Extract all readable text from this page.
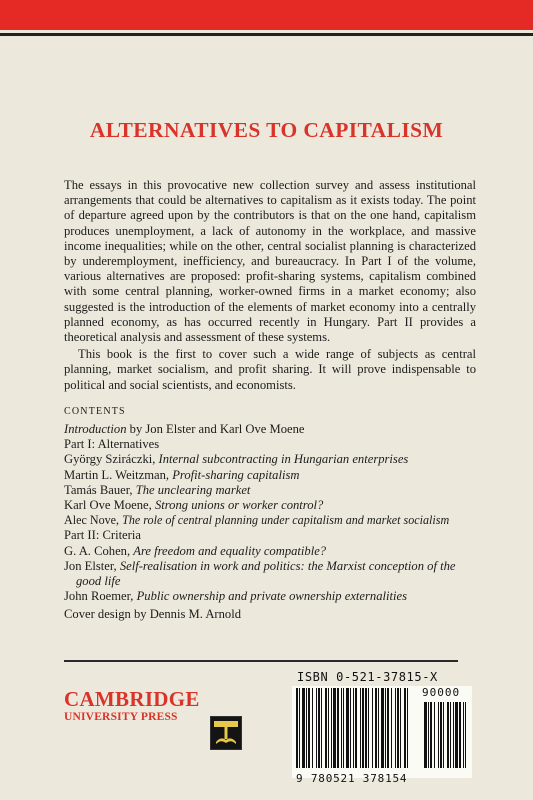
ALTERNATIVES TO CAPITALISM

The essays in this provocative new collection survey and assess institutional arrangements that could be alternatives to capitalism as it exists today. The point of departure agreed upon by the contributors is that on the one hand, capitalism produces unemployment, a lack of autonomy in the workplace, and massive income inequalities; while on the other, central socialist planning is characterized by underemployment, inefficiency, and bureaucracy. In Part I of the volume, various alternatives are proposed: profit-sharing systems, capitalism combined with some central planning, worker-owned firms in a market economy; also suggested is the introduction of the elements of market economy into a centrally planned economy, as has occurred recently in Hungary. Part II provides a theoretical analysis and assessment of these systems.

This book is the first to cover such a wide range of subjects as central planning, market socialism, and profit sharing. It will prove indispensable to political and social scientists, and economists.

CONTENTS
Introduction by Jon Elster and Karl Ove Moene
Part I: Alternatives
György Sziráczki, Internal subcontracting in Hungarian enterprises
Martin L. Weitzman, Profit-sharing capitalism
Tamás Bauer, The unclearing market
Karl Ove Moene, Strong unions or worker control?
Alec Nove, The role of central planning under capitalism and market socialism
Part II: Criteria
G. A. Cohen, Are freedom and equality compatible?
Jon Elster, Self-realisation in work and politics: the Marxist conception of the good life
John Roemer, Public ownership and private ownership externalities
Cover design by Dennis M. Arnold
CAMBRIDGE
UNIVERSITY PRESS
ISBN 0-521-37815-X
90000
9 780521 378154
